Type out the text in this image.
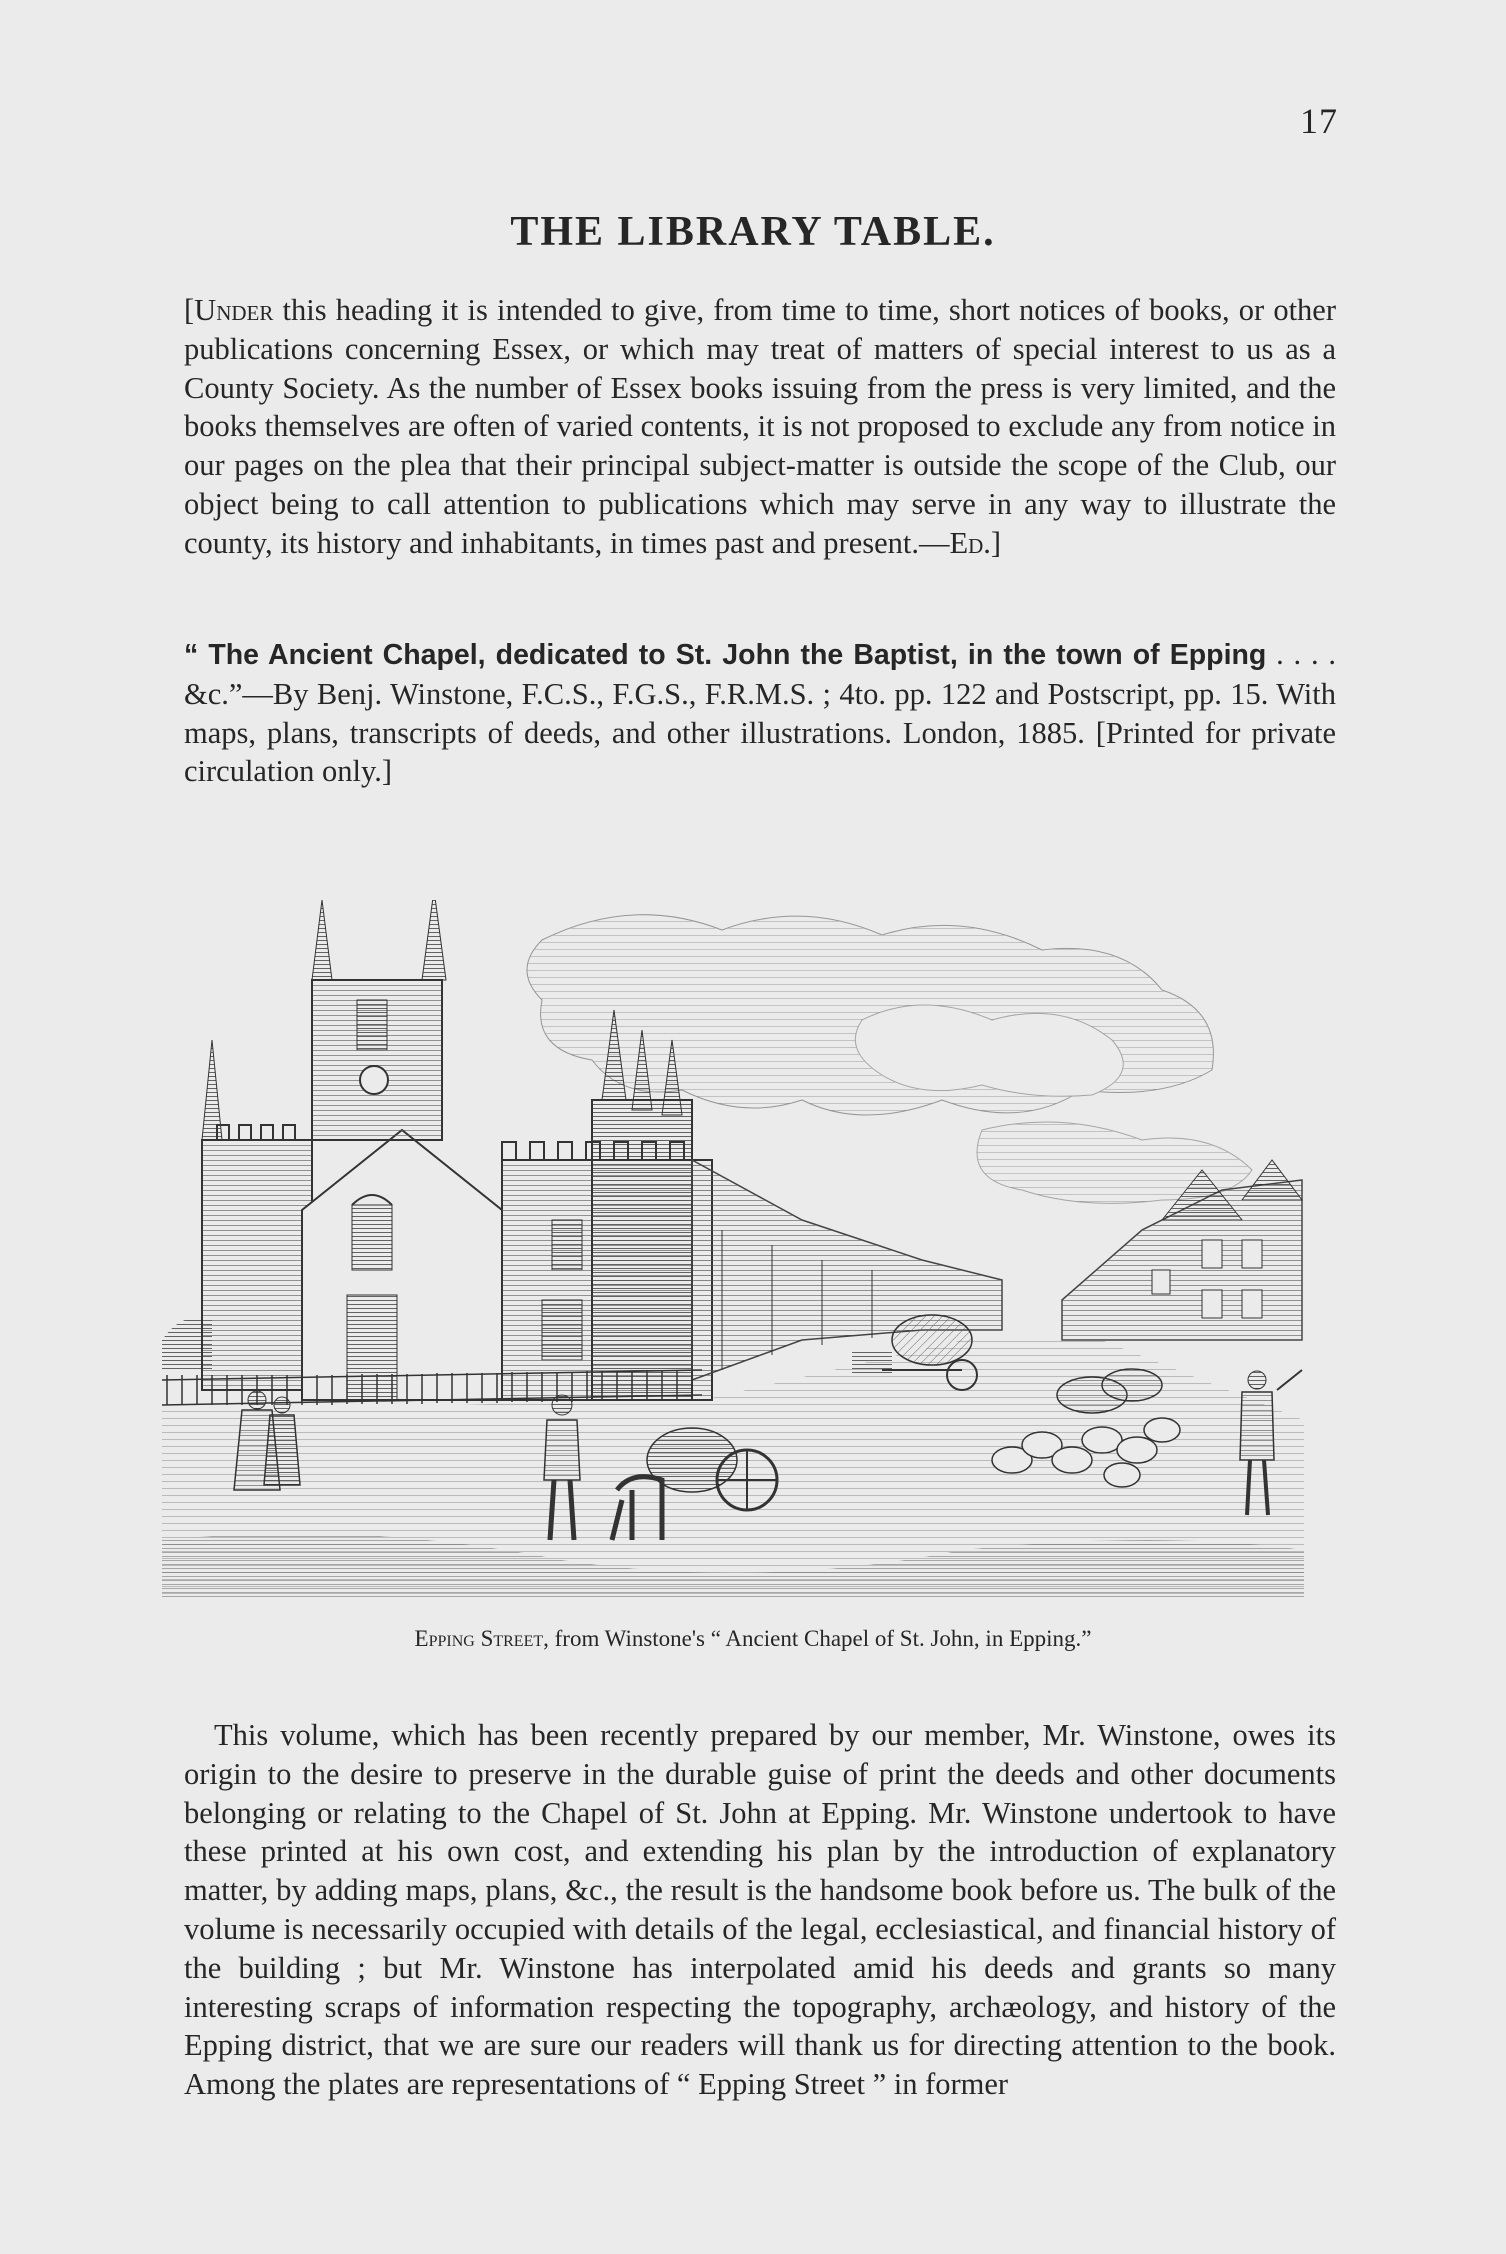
17
THE LIBRARY TABLE.

[Under this heading it is intended to give, from time to time, short notices of books, or other publications concerning Essex, or which may treat of matters of special interest to us as a County Society. As the number of Essex books issuing from the press is very limited, and the books themselves are often of varied contents, it is not proposed to exclude any from notice in our pages on the plea that their principal subject-matter is outside the scope of the Club, our object being to call attention to publications which may serve in any way to illustrate the county, its history and inhabitants, in times past and present.—Ed.]

“ The Ancient Chapel, dedicated to St. John the Baptist, in the town of Epping . . . . &c.”—By Benj. Winstone, F.C.S., F.G.S., F.R.M.S. ; 4to. pp. 122 and Postscript, pp. 15. With maps, plans, transcripts of deeds, and other illustrations. London, 1885. [Printed for private circulation only.]

Epping Street, from Winstone's “ Ancient Chapel of St. John, in Epping.”

This volume, which has been recently prepared by our member, Mr. Winstone, owes its origin to the desire to preserve in the durable guise of print the deeds and other documents belonging or relating to the Chapel of St. John at Epping. Mr. Winstone undertook to have these printed at his own cost, and extending his plan by the introduction of explanatory matter, by adding maps, plans, &c., the result is the handsome book before us. The bulk of the volume is necessarily occupied with details of the legal, ecclesiastical, and financial history of the building ; but Mr. Winstone has interpolated amid his deeds and grants so many interesting scraps of information respecting the topography, archæology, and history of the Epping district, that we are sure our readers will thank us for directing attention to the book. Among the plates are representations of “ Epping Street ” in former
